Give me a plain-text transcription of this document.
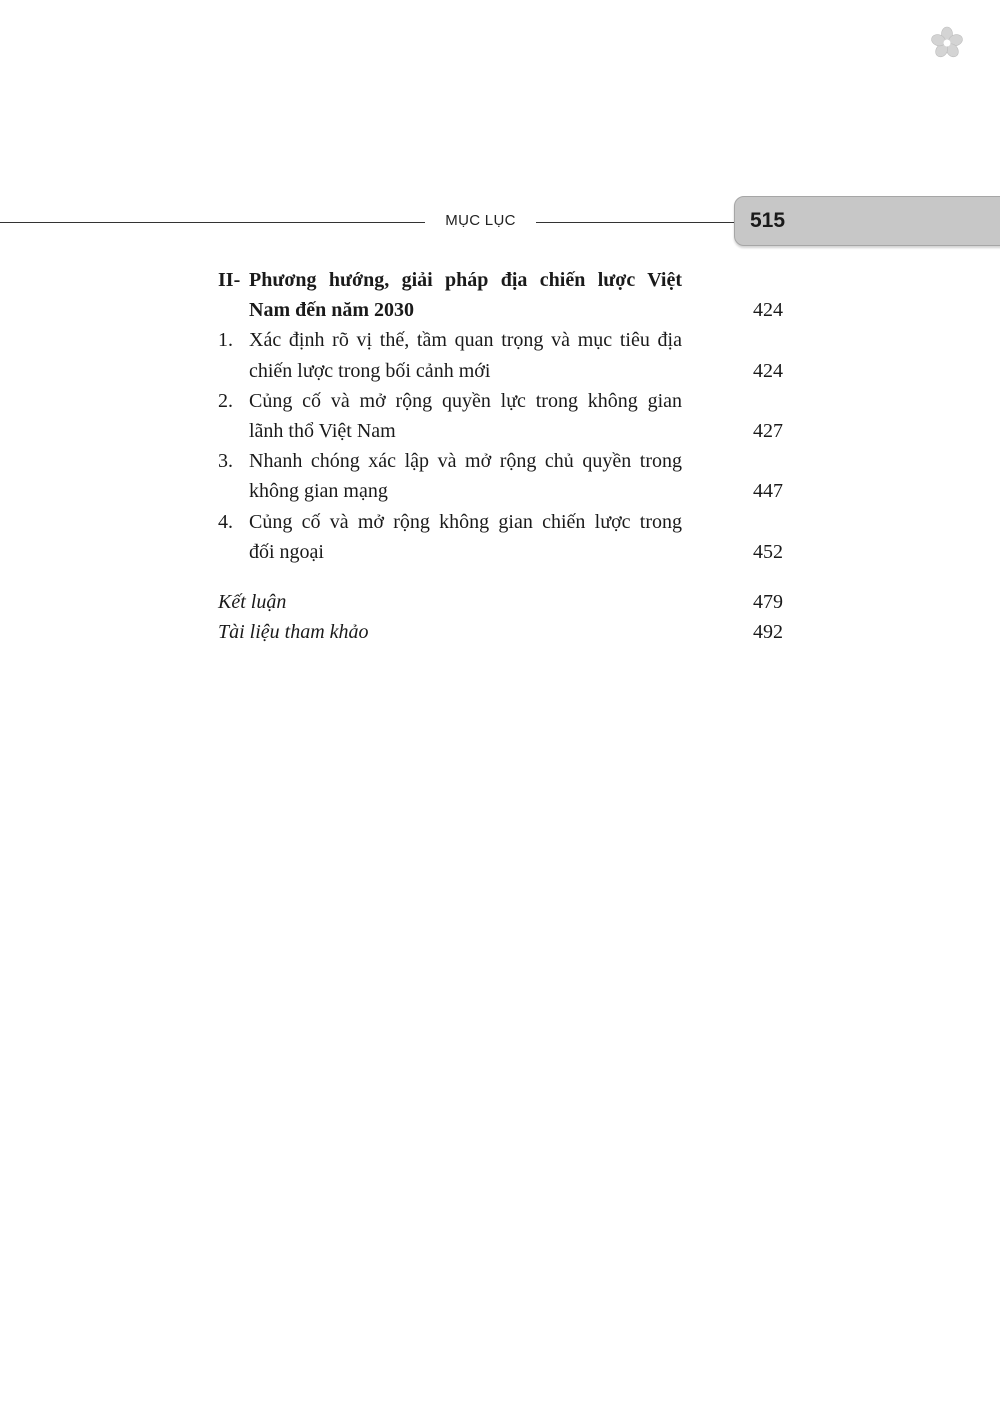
MỤC LỤC	515
II- Phương hướng, giải pháp địa chiến lược Việt
Nam đến năm 2030	424
1. Xác định rõ vị thế, tầm quan trọng và mục tiêu địa
chiến lược trong bối cảnh mới	424
2. Củng cố và mở rộng quyền lực trong không gian
lãnh thổ Việt Nam	427
3. Nhanh chóng xác lập và mở rộng chủ quyền trong
không gian mạng	447
4. Củng cố và mở rộng không gian chiến lược trong
đối ngoại	452
Kết luận	479
Tài liệu tham khảo	492
